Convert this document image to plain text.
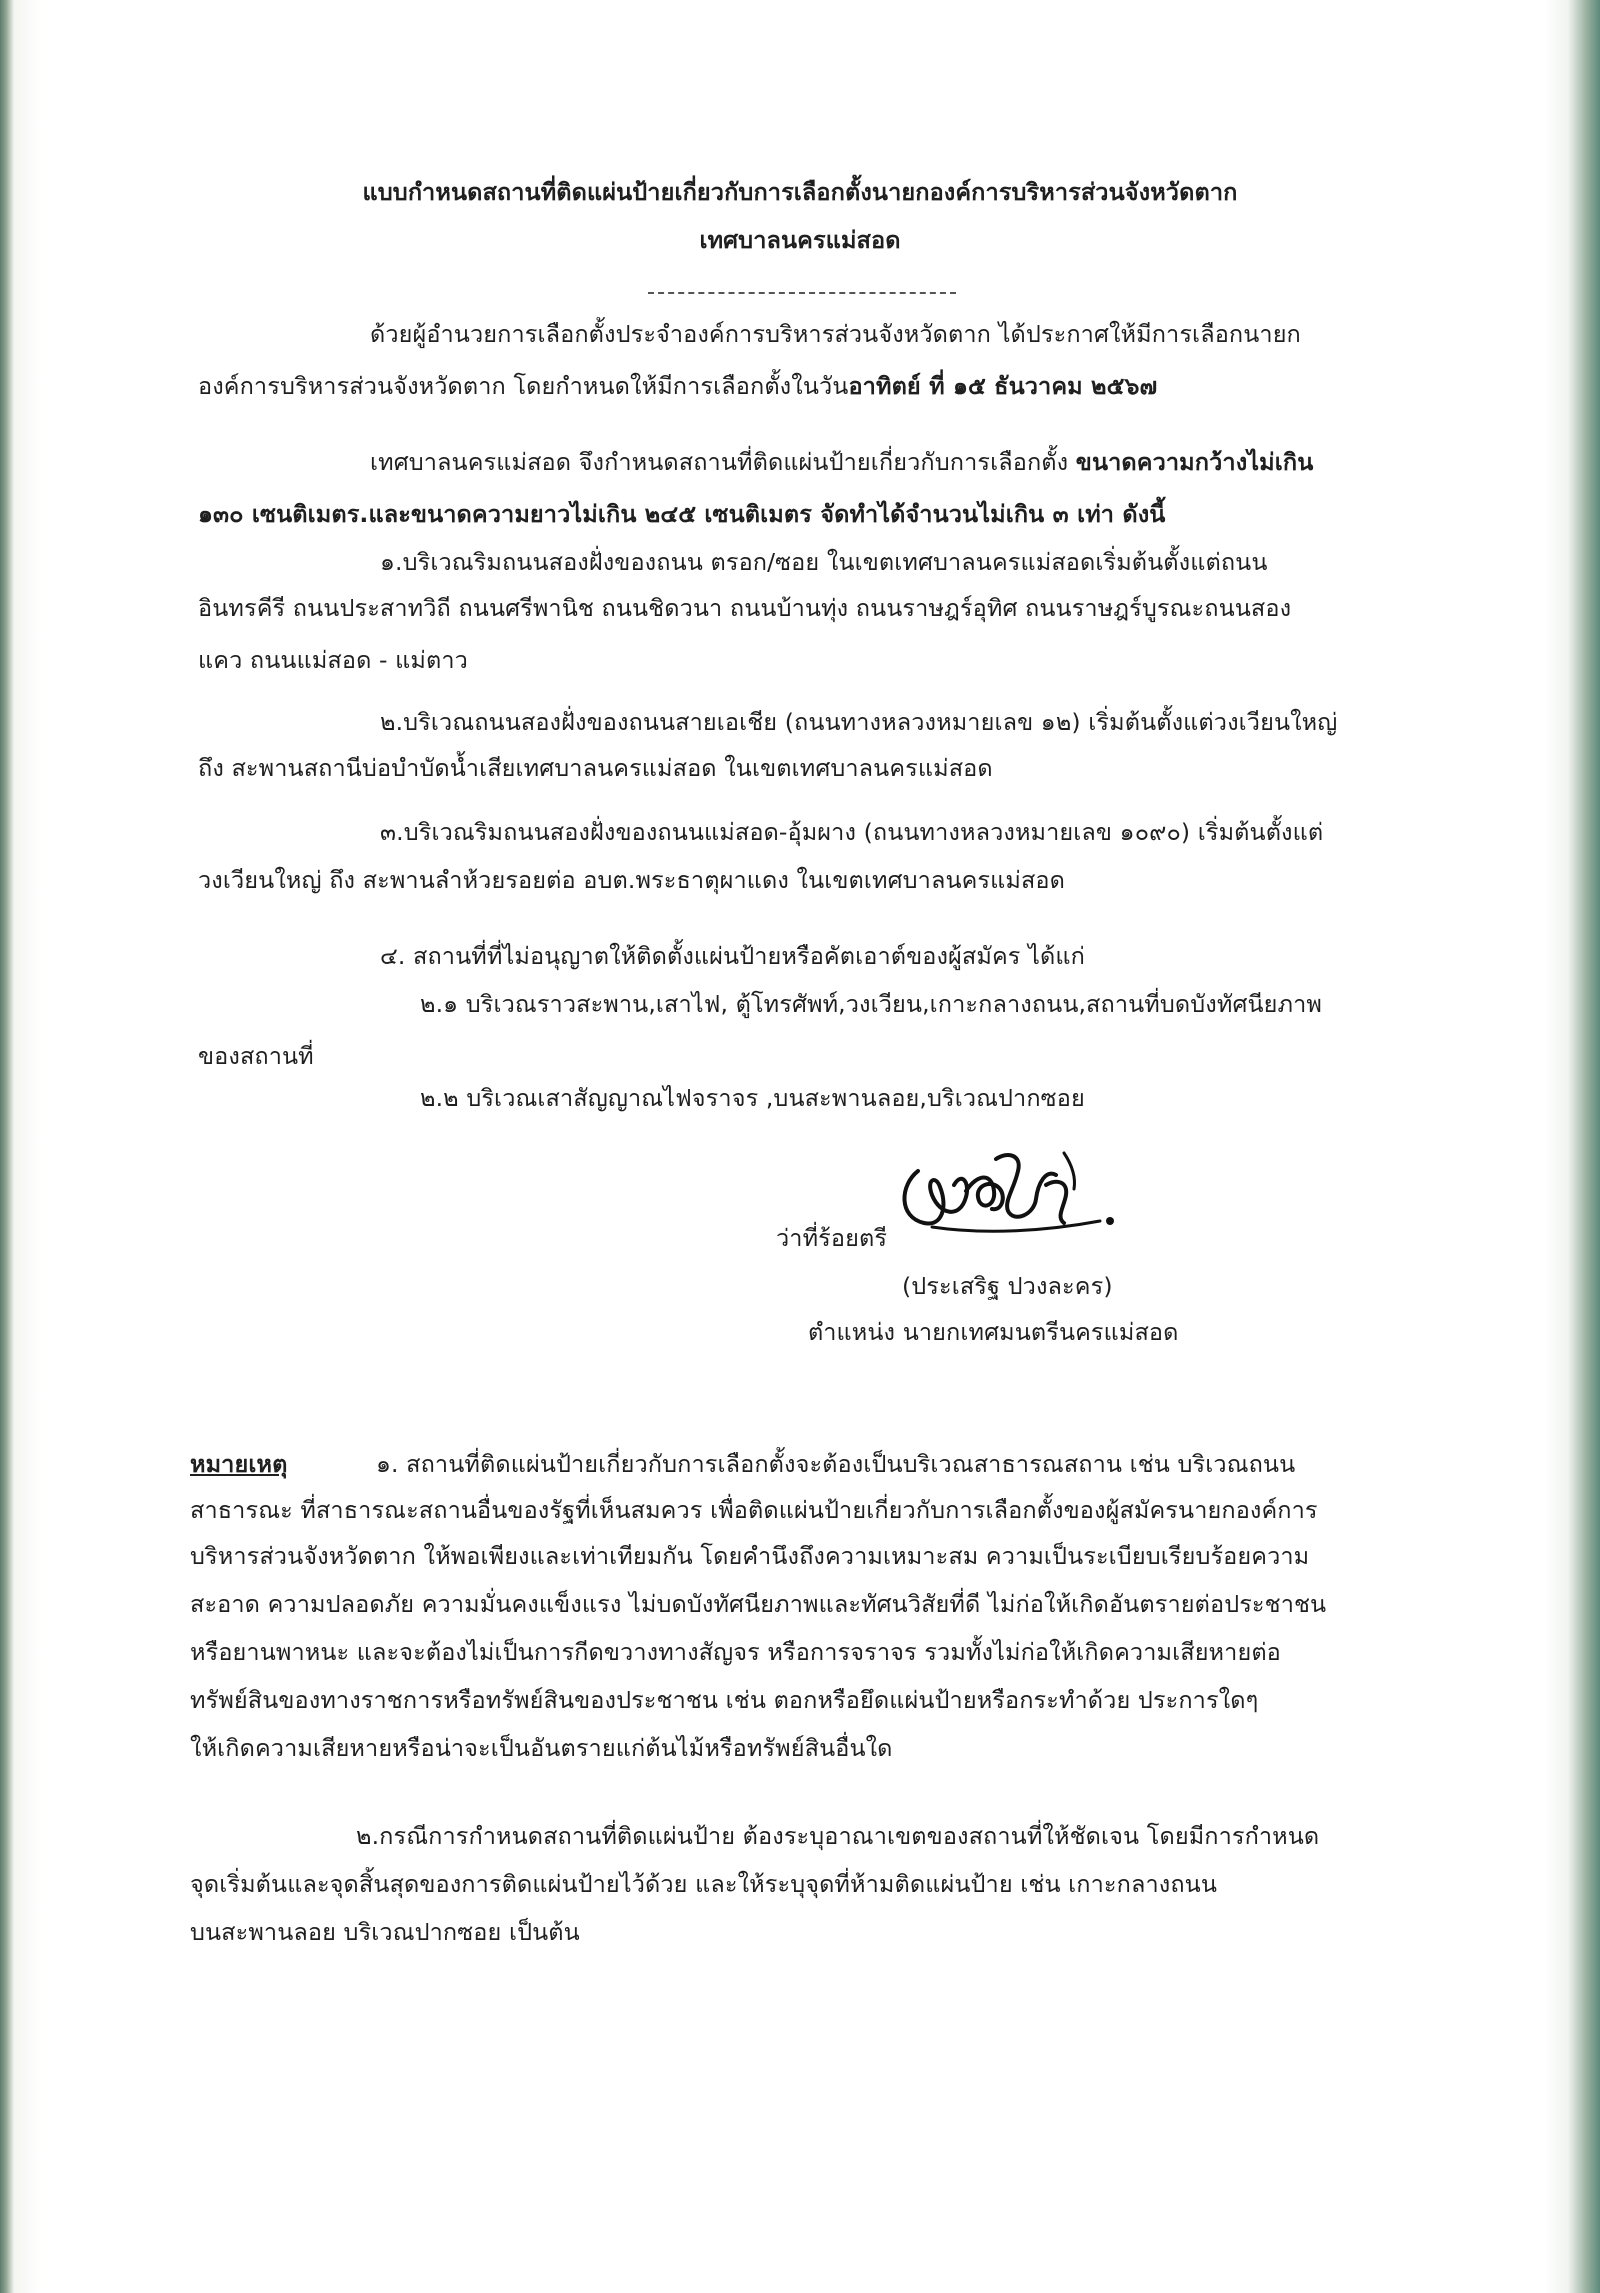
แบบกำหนดสถานที่ติดแผ่นป้ายเกี่ยวกับการเลือกตั้งนายกองค์การบริหารส่วนจังหวัดตาก
เทศบาลนครแม่สอด
ด้วยผู้อำนวยการเลือกตั้งประจำองค์การบริหารส่วนจังหวัดตาก ได้ประกาศให้มีการเลือกนายก
องค์การบริหารส่วนจังหวัดตาก โดยกำหนดให้มีการเลือกตั้งในวันอาทิตย์ ที่ ๑๕ ธันวาคม ๒๕๖๗
เทศบาลนครแม่สอด จึงกำหนดสถานที่ติดแผ่นป้ายเกี่ยวกับการเลือกตั้ง ขนาดความกว้างไม่เกิน
๑๓๐ เซนติเมตร.และขนาดความยาวไม่เกิน ๒๔๕ เซนติเมตร จัดทำได้จำนวนไม่เกิน ๓ เท่า ดังนี้
๑.บริเวณริมถนนสองฝั่งของถนน ตรอก/ซอย ในเขตเทศบาลนครแม่สอดเริ่มต้นตั้งแต่ถนน
อินทรคีรี ถนนประสาทวิถี ถนนศรีพานิช ถนนชิดวนา ถนนบ้านทุ่ง ถนนราษฎร์อุทิศ ถนนราษฎร์บูรณะถนนสอง
แคว ถนนแม่สอด - แม่ตาว
๒.บริเวณถนนสองฝั่งของถนนสายเอเชีย (ถนนทางหลวงหมายเลข ๑๒) เริ่มต้นตั้งแต่วงเวียนใหญ่
ถึง สะพานสถานีบ่อบำบัดน้ำเสียเทศบาลนครแม่สอด ในเขตเทศบาลนครแม่สอด
๓.บริเวณริมถนนสองฝั่งของถนนแม่สอด-อุ้มผาง (ถนนทางหลวงหมายเลข ๑๐๙๐) เริ่มต้นตั้งแต่
วงเวียนใหญ่ ถึง สะพานลำห้วยรอยต่อ อบต.พระธาตุผาแดง ในเขตเทศบาลนครแม่สอด
๔. สถานที่ที่ไม่อนุญาตให้ติดตั้งแผ่นป้ายหรือคัตเอาต์ของผู้สมัคร ได้แก่
๒.๑ บริเวณราวสะพาน,เสาไฟ, ตู้โทรศัพท์,วงเวียน,เกาะกลางถนน,สถานที่บดบังทัศนียภาพ
ของสถานที่
๒.๒ บริเวณเสาสัญญาณไฟจราจร ,บนสะพานลอย,บริเวณปากซอย
ว่าที่ร้อยตรี
(ประเสริฐ ปวงละคร)
ตำแหน่ง นายกเทศมนตรีนครแม่สอด
หมายเหตุ	๑. สถานที่ติดแผ่นป้ายเกี่ยวกับการเลือกตั้งจะต้องเป็นบริเวณสาธารณสถาน เช่น บริเวณถนน
สาธารณะ ที่สาธารณะสถานอื่นของรัฐที่เห็นสมควร เพื่อติดแผ่นป้ายเกี่ยวกับการเลือกตั้งของผู้สมัครนายกองค์การ
บริหารส่วนจังหวัดตาก ให้พอเพียงและเท่าเทียมกัน โดยคำนึงถึงความเหมาะสม ความเป็นระเบียบเรียบร้อยความ
สะอาด ความปลอดภัย ความมั่นคงแข็งแรง ไม่บดบังทัศนียภาพและทัศนวิสัยที่ดี ไม่ก่อให้เกิดอันตรายต่อประชาชน
หรือยานพาหนะ และจะต้องไม่เป็นการกีดขวางทางสัญจร หรือการจราจร รวมทั้งไม่ก่อให้เกิดความเสียหายต่อ
ทรัพย์สินของทางราชการหรือทรัพย์สินของประชาชน เช่น ตอกหรือยึดแผ่นป้ายหรือกระทำด้วย ประการใดๆ
ให้เกิดความเสียหายหรือน่าจะเป็นอันตรายแก่ต้นไม้หรือทรัพย์สินอื่นใด
๒.กรณีการกำหนดสถานที่ติดแผ่นป้าย ต้องระบุอาณาเขตของสถานที่ให้ชัดเจน โดยมีการกำหนด
จุดเริ่มต้นและจุดสิ้นสุดของการติดแผ่นป้ายไว้ด้วย และให้ระบุจุดที่ห้ามติดแผ่นป้าย เช่น เกาะกลางถนน
บนสะพานลอย บริเวณปากซอย เป็นต้น
